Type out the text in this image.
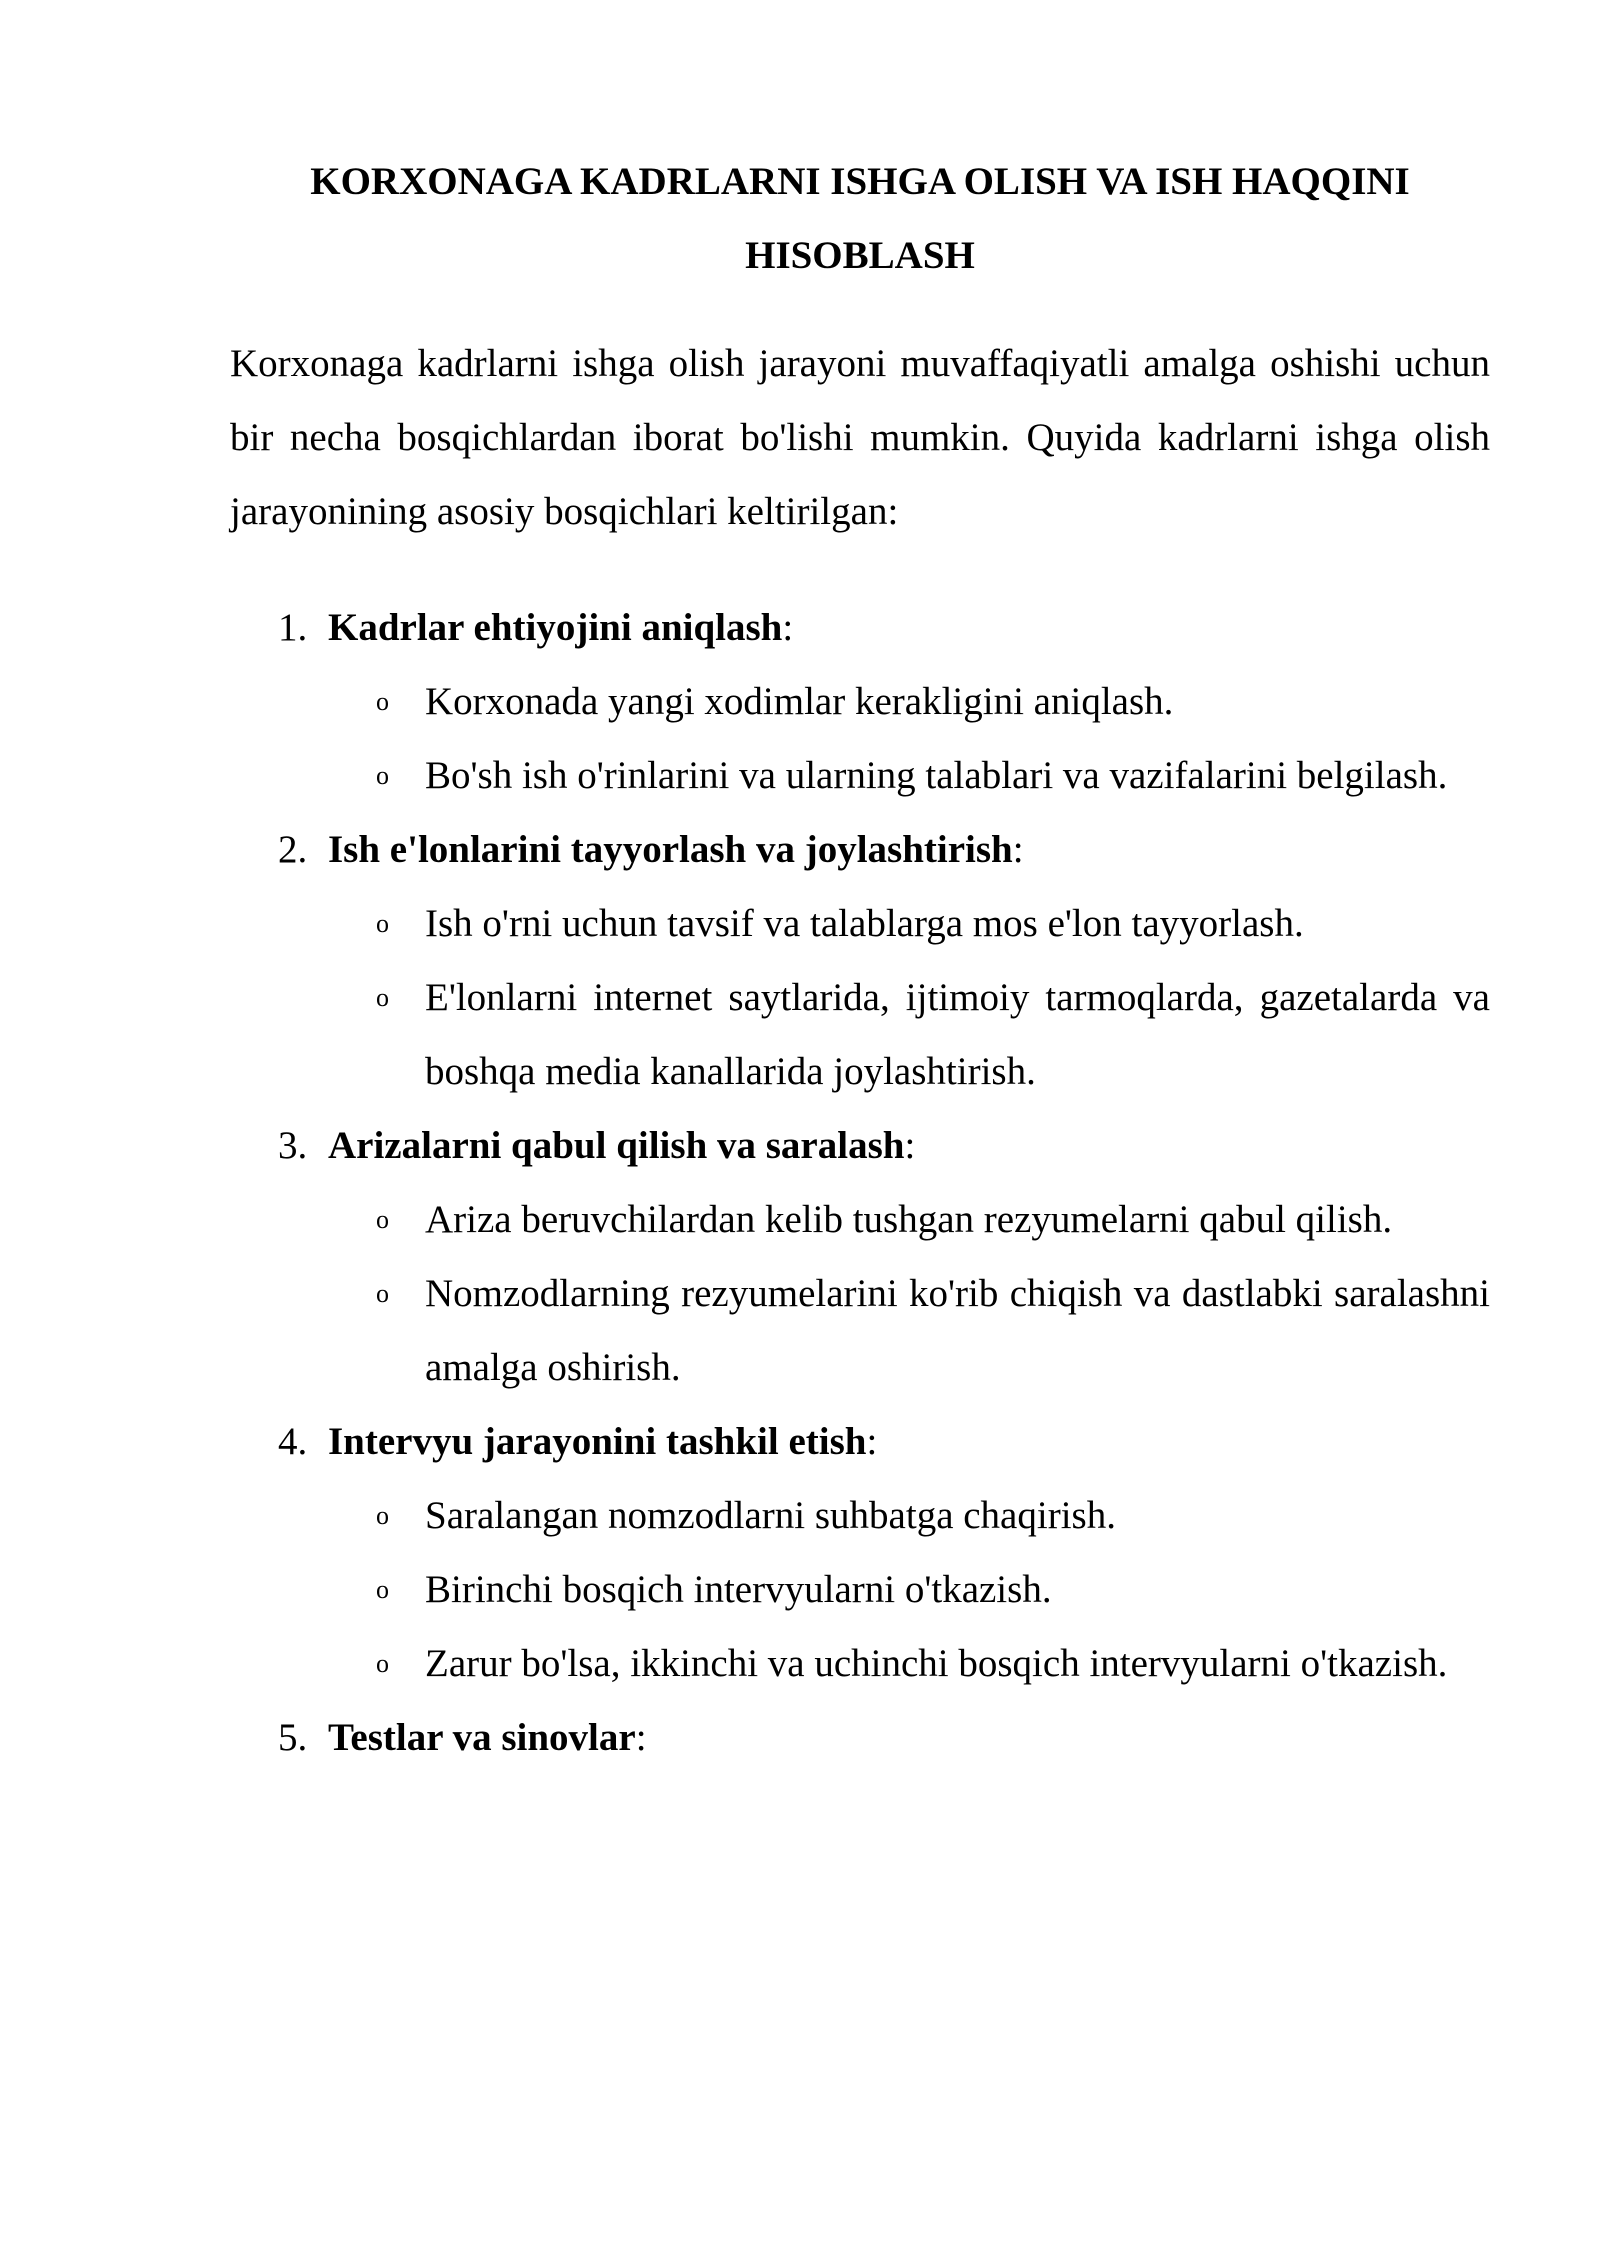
KORXONAGA KADRLARNI ISHGA OLISH VA ISH HAQQINI HISOBLASH

Korxonaga kadrlarni ishga olish jarayoni muvaffaqiyatli amalga oshishi uchun bir necha bosqichlardan iborat bo'lishi mumkin. Quyida kadrlarni ishga olish jarayonining asosiy bosqichlari keltirilgan:

1. Kadrlar ehtiyojini aniqlash:
o Korxonada yangi xodimlar kerakligini aniqlash.
o Bo'sh ish o'rinlarini va ularning talablari va vazifalarini belgilash.
2. Ish e'lonlarini tayyorlash va joylashtirish:
o Ish o'rni uchun tavsif va talablarga mos e'lon tayyorlash.
o E'lonlarni internet saytlarida, ijtimoiy tarmoqlarda, gazetalarda va boshqa media kanallarida joylashtirish.
3. Arizalarni qabul qilish va saralash:
o Ariza beruvchilardan kelib tushgan rezyumelarni qabul qilish.
o Nomzodlarning rezyumelarini ko'rib chiqish va dastlabki saralashni amalga oshirish.
4. Intervyu jarayonini tashkil etish:
o Saralangan nomzodlarni suhbatga chaqirish.
o Birinchi bosqich intervyularni o'tkazish.
o Zarur bo'lsa, ikkinchi va uchinchi bosqich intervyularni o'tkazish.
5. Testlar va sinovlar:
